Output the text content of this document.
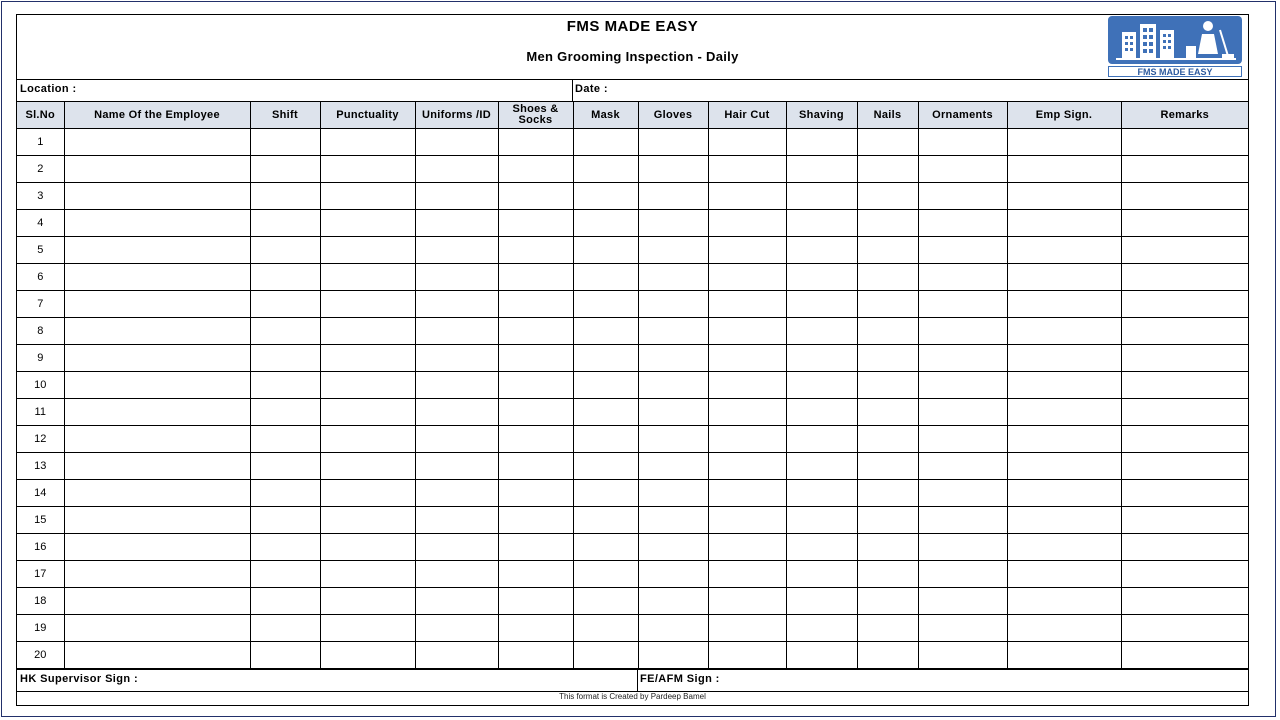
FMS MADE EASY
Men Grooming Inspection - Daily
FMS MADE EASY
Location :	Date :
Sl.No	Name Of the Employee	Shift	Punctuality	Uniforms /ID	Shoes & Socks	Mask	Gloves	Hair Cut	Shaving	Nails	Ornaments	Emp Sign.	Remarks
1													
2													
3													
4													
5													
6													
7													
8													
9													
10													
11													
12													
13													
14													
15													
16													
17													
18													
19													
20													
HK Supervisor Sign :	FE/AFM Sign :
This format is Created by Pardeep Bamel
